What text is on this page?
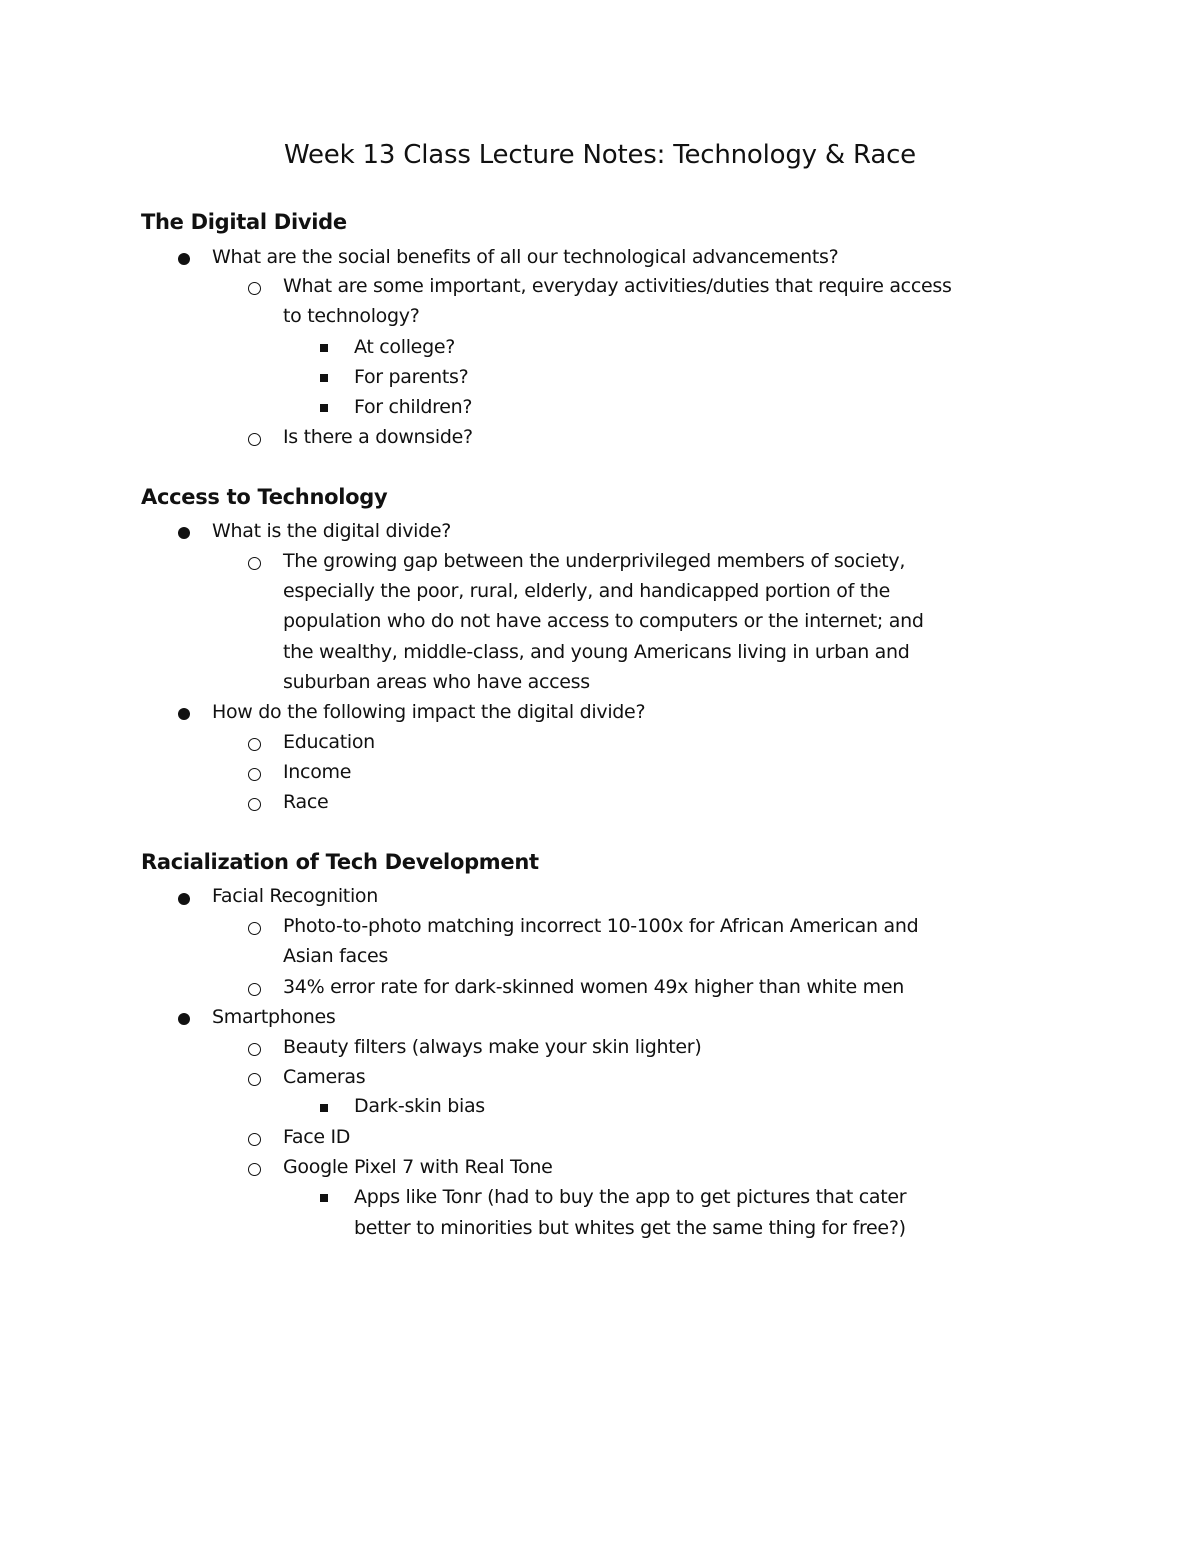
Week 13 Class Lecture Notes: Technology & Race
The Digital Divide
What are the social benefits of all our technological advancements?
What are some important, everyday activities/duties that require access
to technology?
At college?
For parents?
For children?
Is there a downside?
Access to Technology
What is the digital divide?
The growing gap between the underprivileged members of society,
especially the poor, rural, elderly, and handicapped portion of the
population who do not have access to computers or the internet; and
the wealthy, middle-class, and young Americans living in urban and
suburban areas who have access
How do the following impact the digital divide?
Education
Income
Race
Racialization of Tech Development
Facial Recognition
Photo-to-photo matching incorrect 10-100x for African American and
Asian faces
34% error rate for dark-skinned women 49x higher than white men
Smartphones
Beauty filters (always make your skin lighter)
Cameras
Dark-skin bias
Face ID
Google Pixel 7 with Real Tone
Apps like Tonr (had to buy the app to get pictures that cater
better to minorities but whites get the same thing for free?)
